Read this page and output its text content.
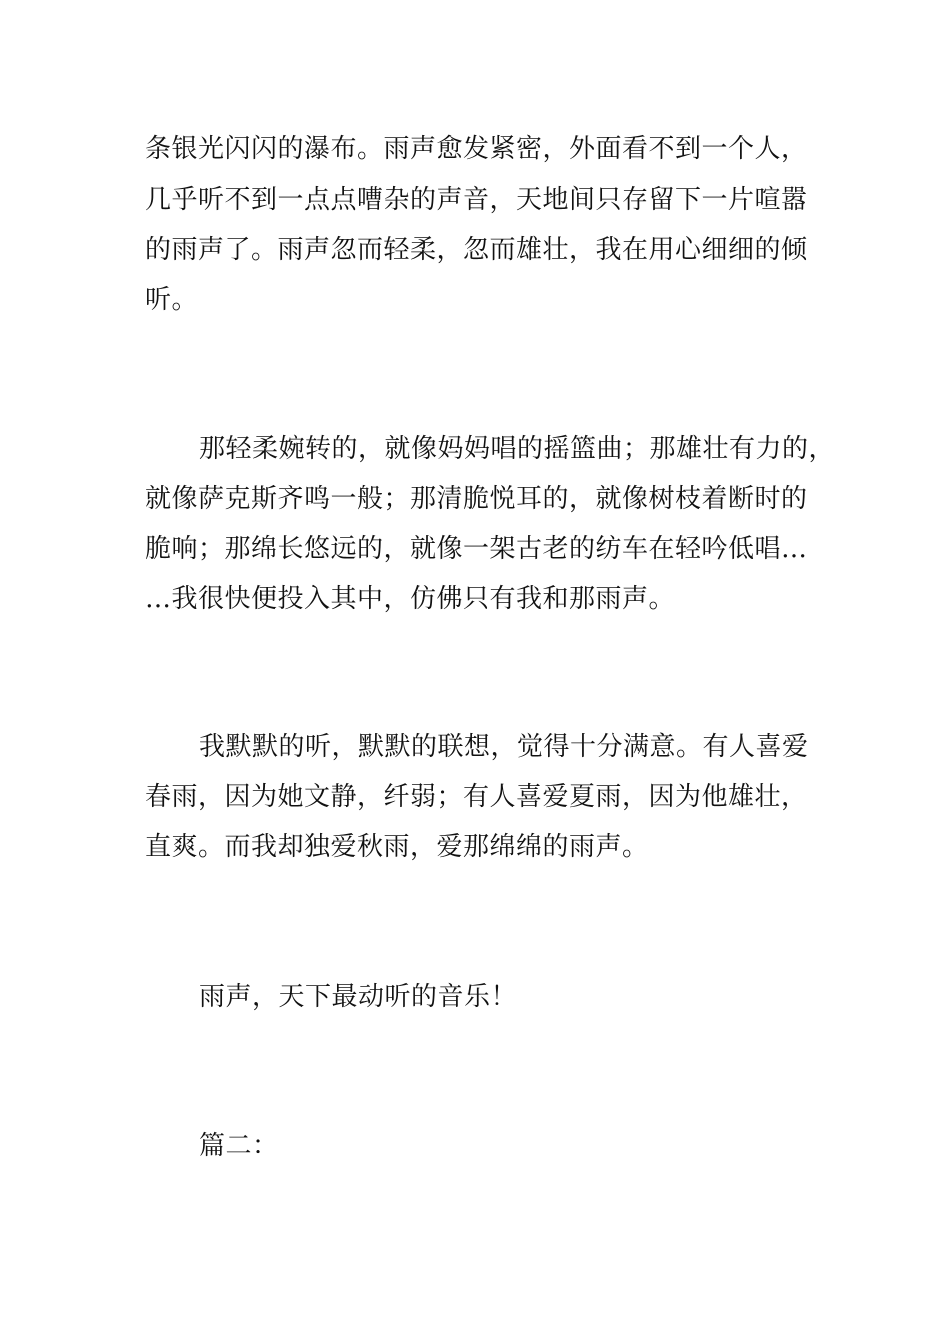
条银光闪闪的瀑布。雨声愈发紧密，外面看不到一个人，
几乎听不到一点点嘈杂的声音，天地间只存留下一片喧嚣
的雨声了。雨声忽而轻柔，忽而雄壮，我在用心细细的倾
听。
那轻柔婉转的，就像妈妈唱的摇篮曲；那雄壮有力的，
就像萨克斯齐鸣一般；那清脆悦耳的，就像树枝着断时的
脆响；那绵长悠远的，就像一架古老的纺车在轻吟低唱…
…我很快便投入其中，仿佛只有我和那雨声。
我默默的听，默默的联想，觉得十分满意。有人喜爱
春雨，因为她文静，纤弱；有人喜爱夏雨，因为他雄壮，
直爽。而我却独爱秋雨，爱那绵绵的雨声。
雨声，天下最动听的音乐！
篇二：
